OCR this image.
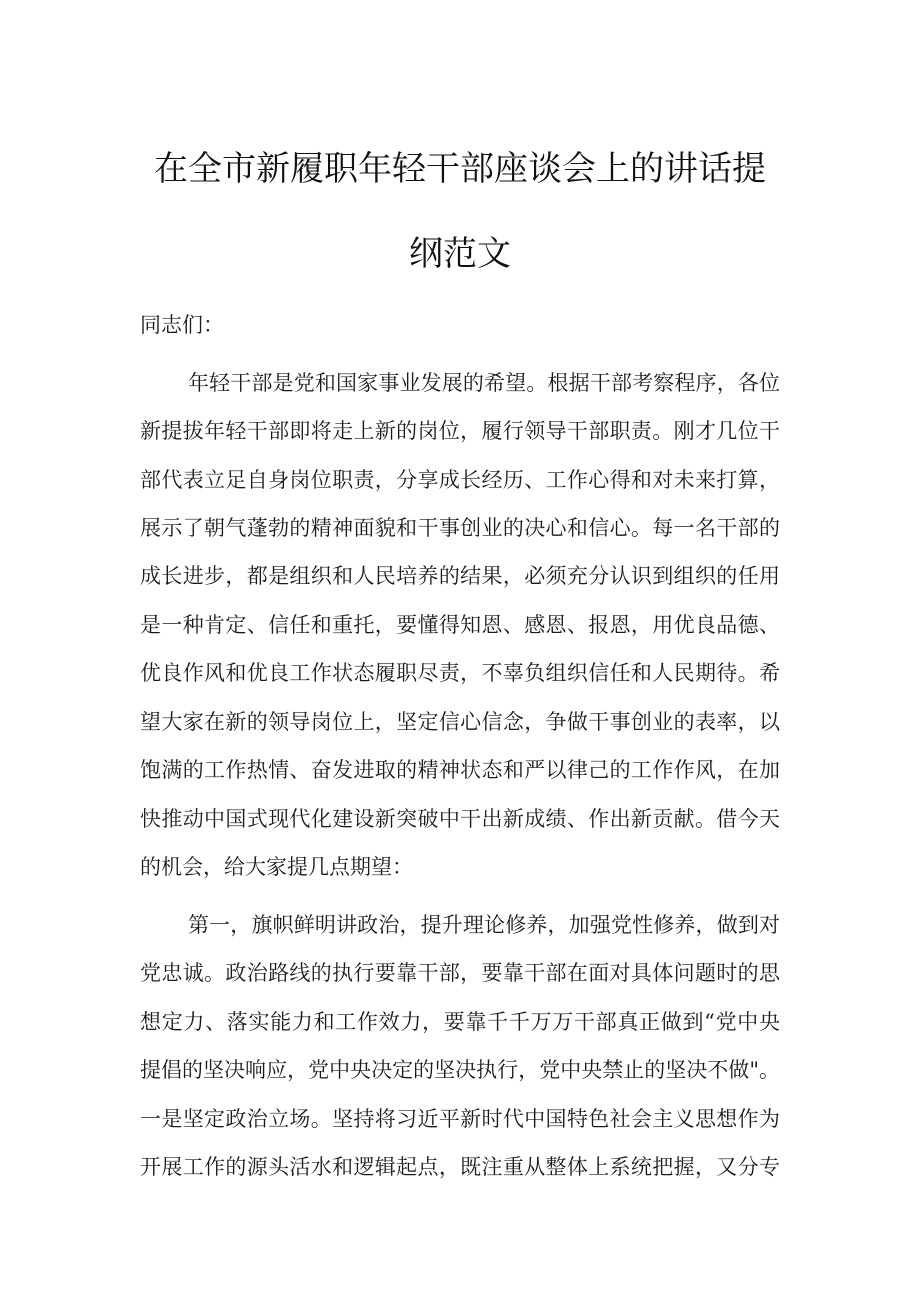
在全市新履职年轻干部座谈会上的讲话提
纲范文
同志们：
年轻干部是党和国家事业发展的希望。根据干部考察程序，各位
新提拔年轻干部即将走上新的岗位，履行领导干部职责。刚才几位干
部代表立足自身岗位职责，分享成长经历、工作心得和对未来打算，
展示了朝气蓬勃的精神面貌和干事创业的决心和信心。每一名干部的
成长进步，都是组织和人民培养的结果，必须充分认识到组织的任用
是一种肯定、信任和重托，要懂得知恩、感恩、报恩，用优良品德、
优良作风和优良工作状态履职尽责，不辜负组织信任和人民期待。希
望大家在新的领导岗位上，坚定信心信念，争做干事创业的表率，以
饱满的工作热情、奋发进取的精神状态和严以律己的工作作风，在加
快推动中国式现代化建设新突破中干出新成绩、作出新贡献。借今天
的机会，给大家提几点期望：
第一，旗帜鲜明讲政治，提升理论修养，加强党性修养，做到对
党忠诚。政治路线的执行要靠干部，要靠干部在面对具体问题时的思
想定力、落实能力和工作效力，要靠千千万万干部真正做到“党中央
提倡的坚决响应，党中央决定的坚决执行，党中央禁止的坚决不做"。
一是坚定政治立场。坚持将习近平新时代中国特色社会主义思想作为
开展工作的源头活水和逻辑起点，既注重从整体上系统把握，又分专
